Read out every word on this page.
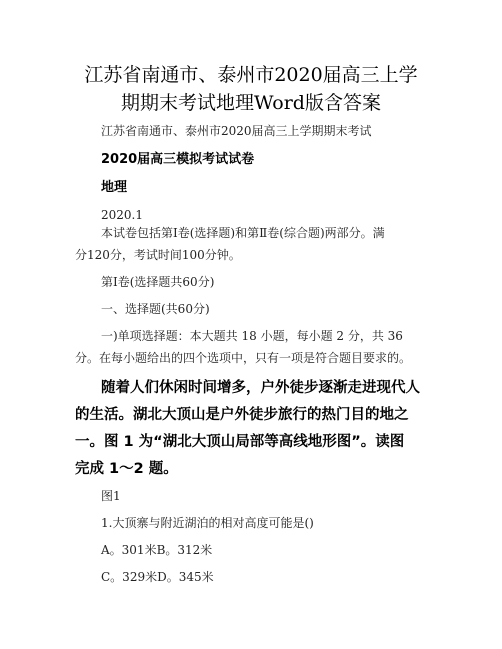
江苏省南通市、泰州市2020届高三上学
期期末考试地理Word版含答案
江苏省南通市、泰州市2020届高三上学期期末考试
2020届高三模拟考试试卷
地理
2020.1
本试卷包括第Ⅰ卷(选择题)和第Ⅱ卷(综合题)两部分。满
分120分，考试时间100分钟。
第Ⅰ卷(选择题共60分)
一、选择题(共60分)
一)单项选择题：本大题共 18 小题，每小题 2 分，共 36
分。在每小题给出的四个选项中，只有一项是符合题目要求的。
随着人们休闲时间增多，户外徒步逐渐走进现代人
的生活。湖北大顶山是户外徒步旅行的热门目的地之
一。图 1 为“湖北大顶山局部等高线地形图”。读图
完成 1～2 题。
图1
1.大顶寨与附近湖泊的相对高度可能是()
A。301米B。312米
C。329米D。345米
